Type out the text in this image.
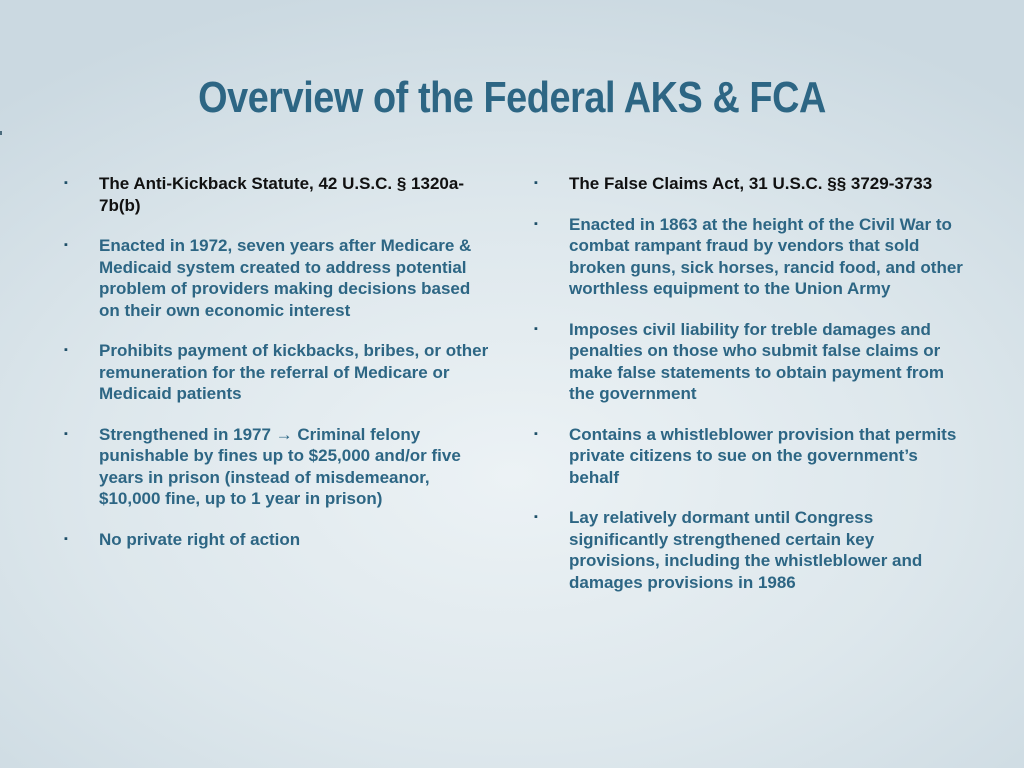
Overview of the Federal AKS & FCA
▪ The Anti-Kickback Statute, 42 U.S.C. § 1320a-7b(b)
▪ Enacted in 1972, seven years after Medicare & Medicaid system created to address potential problem of providers making decisions based on their own economic interest
▪ Prohibits payment of kickbacks, bribes, or other remuneration for the referral of Medicare or Medicaid patients
▪ Strengthened in 1977 → Criminal felony punishable by fines up to $25,000 and/or five years in prison (instead of misdemeanor, $10,000 fine, up to 1 year in prison)
▪ No private right of action
▪ The False Claims Act, 31 U.S.C. §§ 3729-3733
▪ Enacted in 1863 at the height of the Civil War to combat rampant fraud by vendors that sold broken guns, sick horses, rancid food, and other worthless equipment to the Union Army
▪ Imposes civil liability for treble damages and penalties on those who submit false claims or make false statements to obtain payment from the government
▪ Contains a whistleblower provision that permits private citizens to sue on the government’s behalf
▪ Lay relatively dormant until Congress significantly strengthened certain key provisions, including the whistleblower and damages provisions in 1986
